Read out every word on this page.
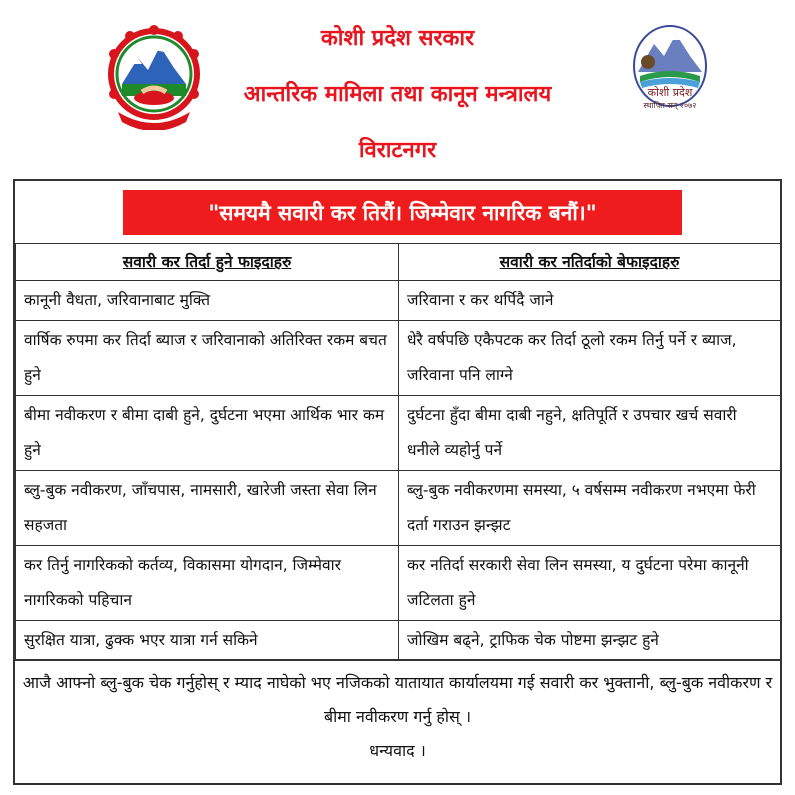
कोशी प्रदेश सरकार
आन्तरिक मामिला तथा कानून मन्त्रालय
विराटनगर
कोशी प्रदेश
स्थापित सन् २०७२
"समयमै सवारी कर तिरौं। जिम्मेवार नागरिक बनौं।"
सवारी कर तिर्दा हुने फाइदाहरु	सवारी कर नतिर्दाको बेफाइदाहरु
कानूनी वैधता, जरिवानाबाट मुक्ति	जरिवाना र कर थर्पिदै जाने
वार्षिक रुपमा कर तिर्दा ब्याज र जरिवानाको अतिरिक्त रकम बचत हुने	धेरै वर्षपछि एकैपटक कर तिर्दा ठूलो रकम तिर्नु पर्ने र ब्याज, जरिवाना पनि लाग्ने
बीमा नवीकरण र बीमा दाबी हुने, दुर्घटना भएमा आर्थिक भार कम हुने	दुर्घटना हुँदा बीमा दाबी नहुने, क्षतिपूर्ति र उपचार खर्च सवारी धनीले व्यहोर्नु पर्ने
ब्लु-बुक नवीकरण, जाँचपास, नामसारी, खारेजी जस्ता सेवा लिन सहजता	ब्लु-बुक नवीकरणमा समस्या, ५ वर्षसम्म नवीकरण नभएमा फेरी दर्ता गराउन झन्झट
कर तिर्नु नागरिकको कर्तव्य, विकासमा योगदान, जिम्मेवार नागरिकको पहिचान	कर नतिर्दा सरकारी सेवा लिन समस्या, य दुर्घटना परेमा कानूनी जटिलता हुने
सुरक्षित यात्रा, ढुक्क भएर यात्रा गर्न सकिने	जोखिम बढ्ने, ट्राफिक चेक पोष्टमा झन्झट हुने

आजै आफ्नो ब्लु-बुक चेक गर्नुहोस् र म्याद नाघेको भए नजिकको यातायात कार्यालयमा गई सवारी कर भुक्तानी, ब्लु-बुक नवीकरण र बीमा नवीकरण गर्नु होस् ।

धन्यवाद ।
